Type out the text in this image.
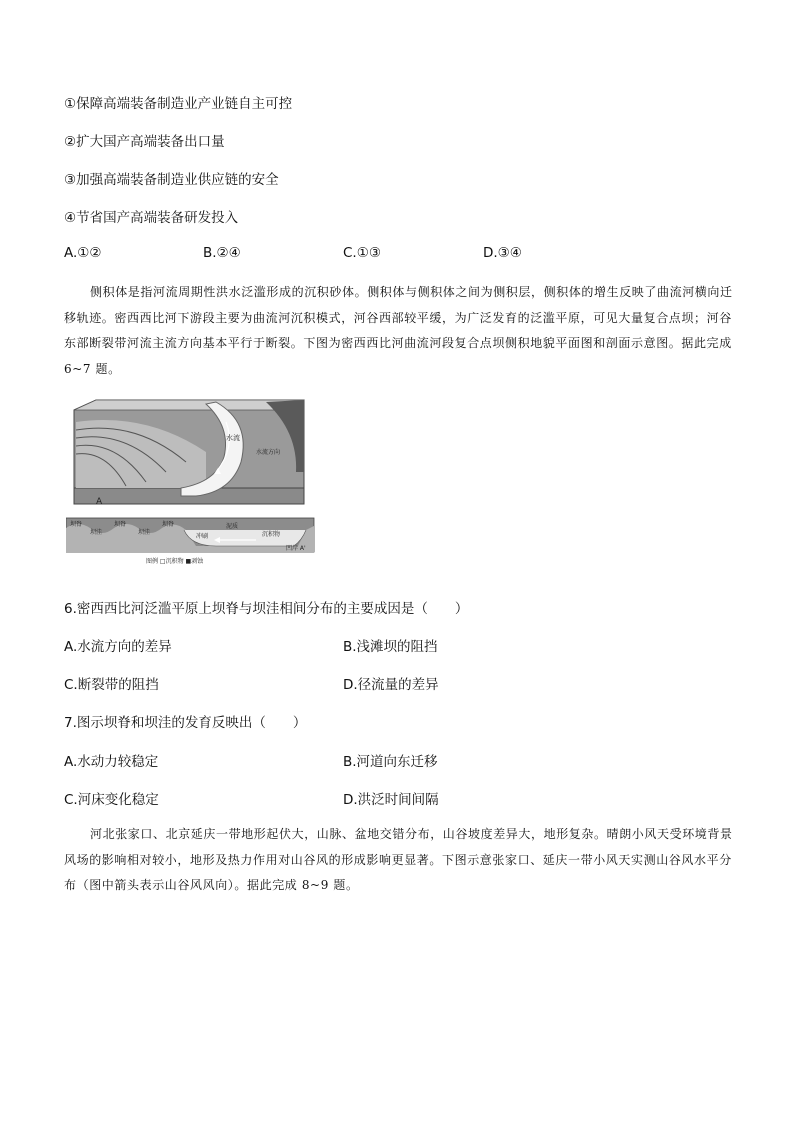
①保障高端装备制造业产业链自主可控
②扩大国产高端装备出口量
③加强高端装备制造业供应链的安全
④节省国产高端装备研发投入
A.①②	B.②④	C.①③	D.③④
侧积体是指河流周期性洪水泛滥形成的沉积砂体。侧积体与侧积体之间为侧积层，侧积体的增生反映了曲流河横向迁移轨迹。密西西比河下游段主要为曲流河沉积模式，河谷西部较平缓，为广泛发育的泛滥平原，可见大量复合点坝；河谷东部断裂带河流主流方向基本平行于断裂。下图为密西西比河曲流河段复合点坝侧积地貌平面图和剖面示意图。据此完成 6~7 题。
水流
水流方向
A
坝脊
坝洼
坝脊
坝洼
坝脊	泥质
沉积物
冲刷
凹岸 A'
图例 □沉积物 ■剥蚀
6.密西西比河泛滥平原上坝脊与坝洼相间分布的主要成因是（　　）
A.水流方向的差异	B.浅滩坝的阻挡
C.断裂带的阻挡	D.径流量的差异
7.图示坝脊和坝洼的发育反映出（　　）
A.水动力较稳定	B.河道向东迁移
C.河床变化稳定	D.洪泛时间间隔
河北张家口、北京延庆一带地形起伏大，山脉、盆地交错分布，山谷坡度差异大，地形复杂。晴朗小风天受环境背景风场的影响相对较小，地形及热力作用对山谷风的形成影响更显著。下图示意张家口、延庆一带小风天实测山谷风水平分布（图中箭头表示山谷风风向）。据此完成 8~9 题。
